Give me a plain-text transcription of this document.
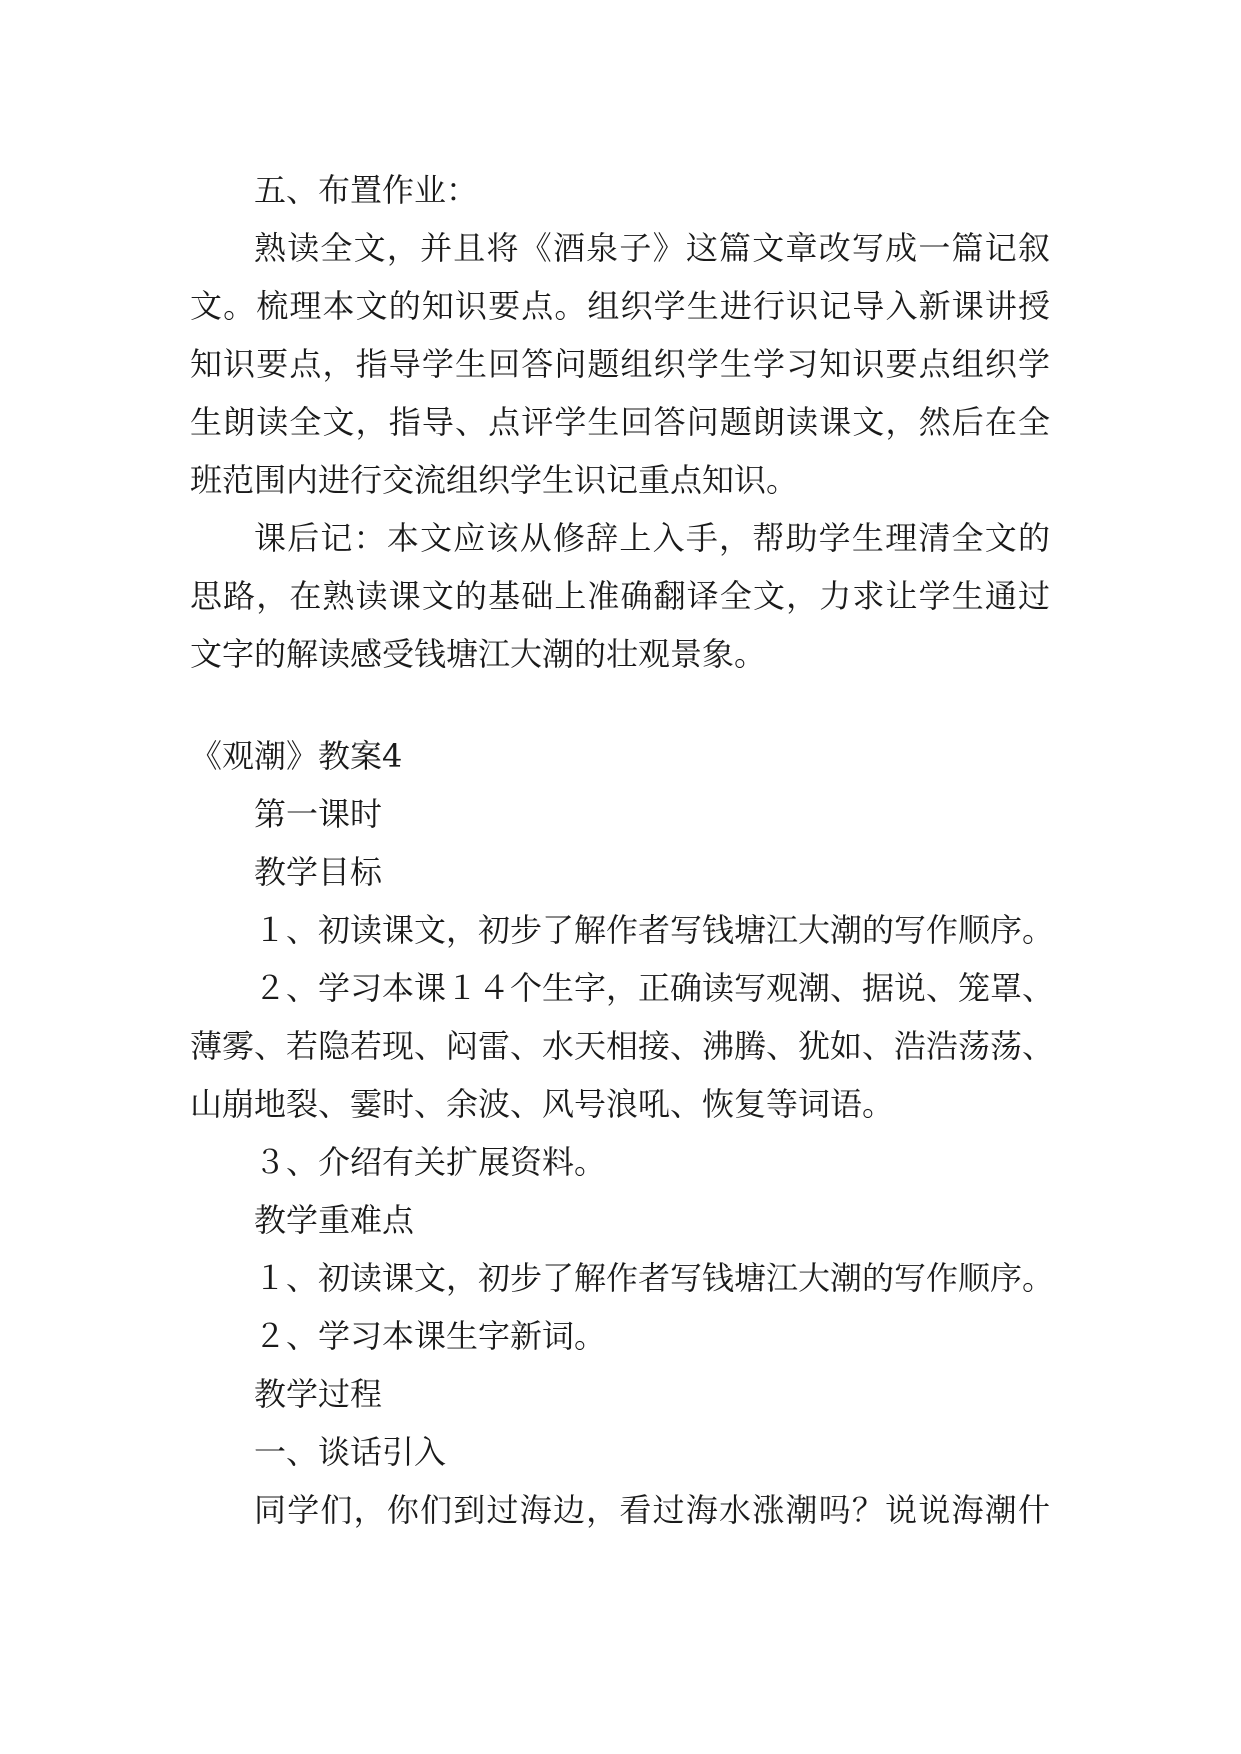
五、布置作业：
熟读全文，并且将《酒泉子》这篇文章改写成一篇记叙
文。梳理本文的知识要点。组织学生进行识记导入新课讲授
知识要点，指导学生回答问题组织学生学习知识要点组织学
生朗读全文，指导、点评学生回答问题朗读课文，然后在全
班范围内进行交流组织学生识记重点知识。
课后记：本文应该从修辞上入手，帮助学生理清全文的
思路，在熟读课文的基础上准确翻译全文，力求让学生通过
文字的解读感受钱塘江大潮的壮观景象。
《观潮》教案4
第一课时
教学目标
１、初读课文，初步了解作者写钱塘江大潮的写作顺序。
２、学习本课１４个生字，正确读写观潮、据说、笼罩、
薄雾、若隐若现、闷雷、水天相接、沸腾、犹如、浩浩荡荡、
山崩地裂、霎时、余波、风号浪吼、恢复等词语。
３、介绍有关扩展资料。
教学重难点
１、初读课文，初步了解作者写钱塘江大潮的写作顺序。
２、学习本课生字新词。
教学过程
一、谈话引入
同学们，你们到过海边，看过海水涨潮吗？说说海潮什
